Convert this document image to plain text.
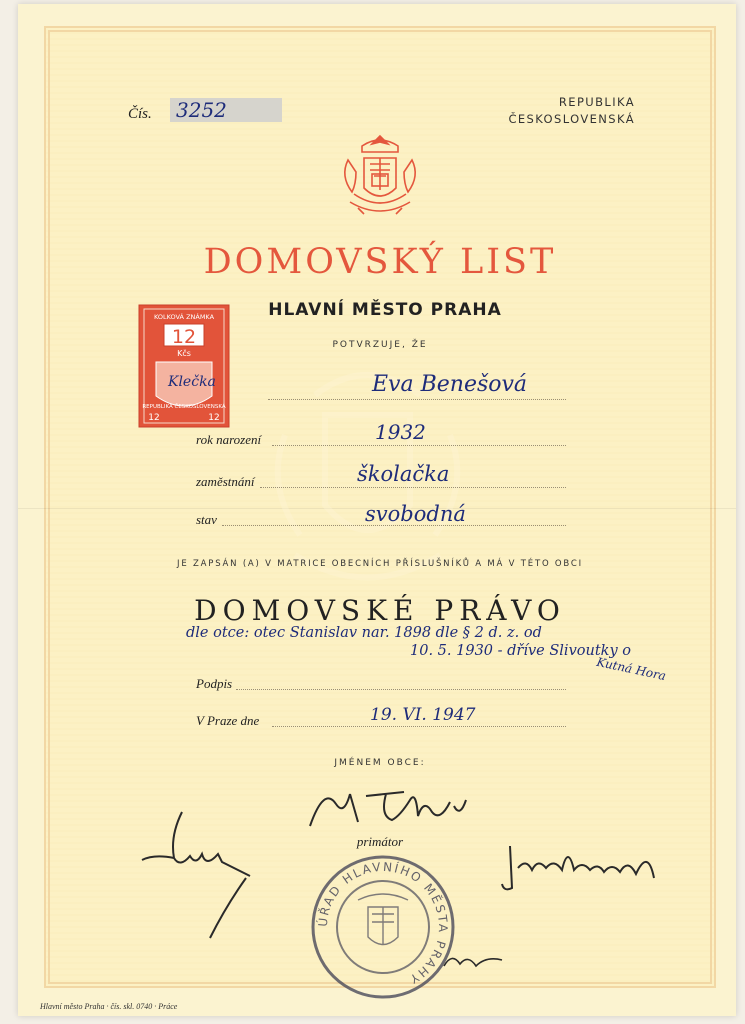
Čís. 3252	REPUBLIKA
ČESKOSLOVENSKÁ
DOMOVSKÝ LIST
HLAVNÍ MĚSTO PRAHA
POTVRZUJE, ŽE
KOLKOVÁ ZNÁMKA
12
Kčs
REPUBLIKA ČESKOSLOVENSKÁ
12	12
Klečka	Eva Benešová
rok narození	1932
zaměstnání	školačka
stav	svobodná
JE ZAPSÁN (A) V MATRICE OBECNÍCH PŘÍSLUŠNÍKŮ A MÁ V TÉTO OBCI
DOMOVSKÉ PRÁVO
dle otce: otec Stanislav nar. 1898 dle § 2 d. z. od
10. 5. 1930 - dříve Slivoutky o
Kutná Hora
Podpis
V Praze dne	19. VI. 1947
JMÉNEM OBCE:
primátor
ÚŘAD HLAVNÍHO MĚSTA PRAHY
Hlavní město Praha · čís. skl. 0740 · Práce
